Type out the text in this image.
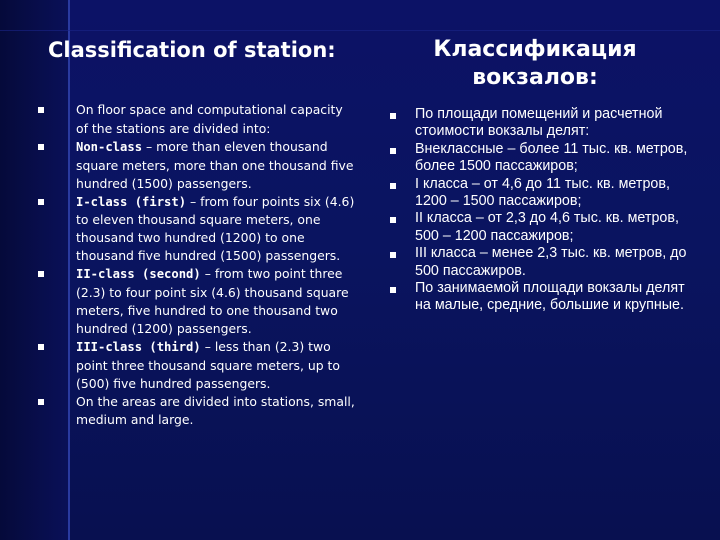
Classification of station:	Классификация вокзалов:
On floor space and computational capacity of the stations are divided into:
Non-class – more than eleven thousand square meters, more than one thousand five hundred (1500) passengers.
I-class (first) – from four points six (4.6) to eleven thousand square meters, one thousand two hundred (1200) to one thousand five hundred (1500) passengers.
II-class (second) – from two point three (2.3) to four point six (4.6) thousand square meters, five hundred to one thousand two hundred (1200) passengers.
III-class (third) – less than (2.3) two point three thousand square meters, up to (500) five hundred passengers.
On the areas are divided into stations, small, medium and large.
По площади помещений и расчетной стоимости вокзалы делят:
Внеклассные – более 11 тыс. кв. метров, более 1500 пассажиров;
I класса – от 4,6 до 11 тыс. кв. метров, 1200 – 1500 пассажиров;
II класса – от 2,3 до 4,6 тыс. кв. метров, 500 – 1200 пассажиров;
III класса – менее 2,3 тыс. кв. метров, до 500 пассажиров.
По занимаемой площади вокзалы делят на малые, средние, большие и крупные.
